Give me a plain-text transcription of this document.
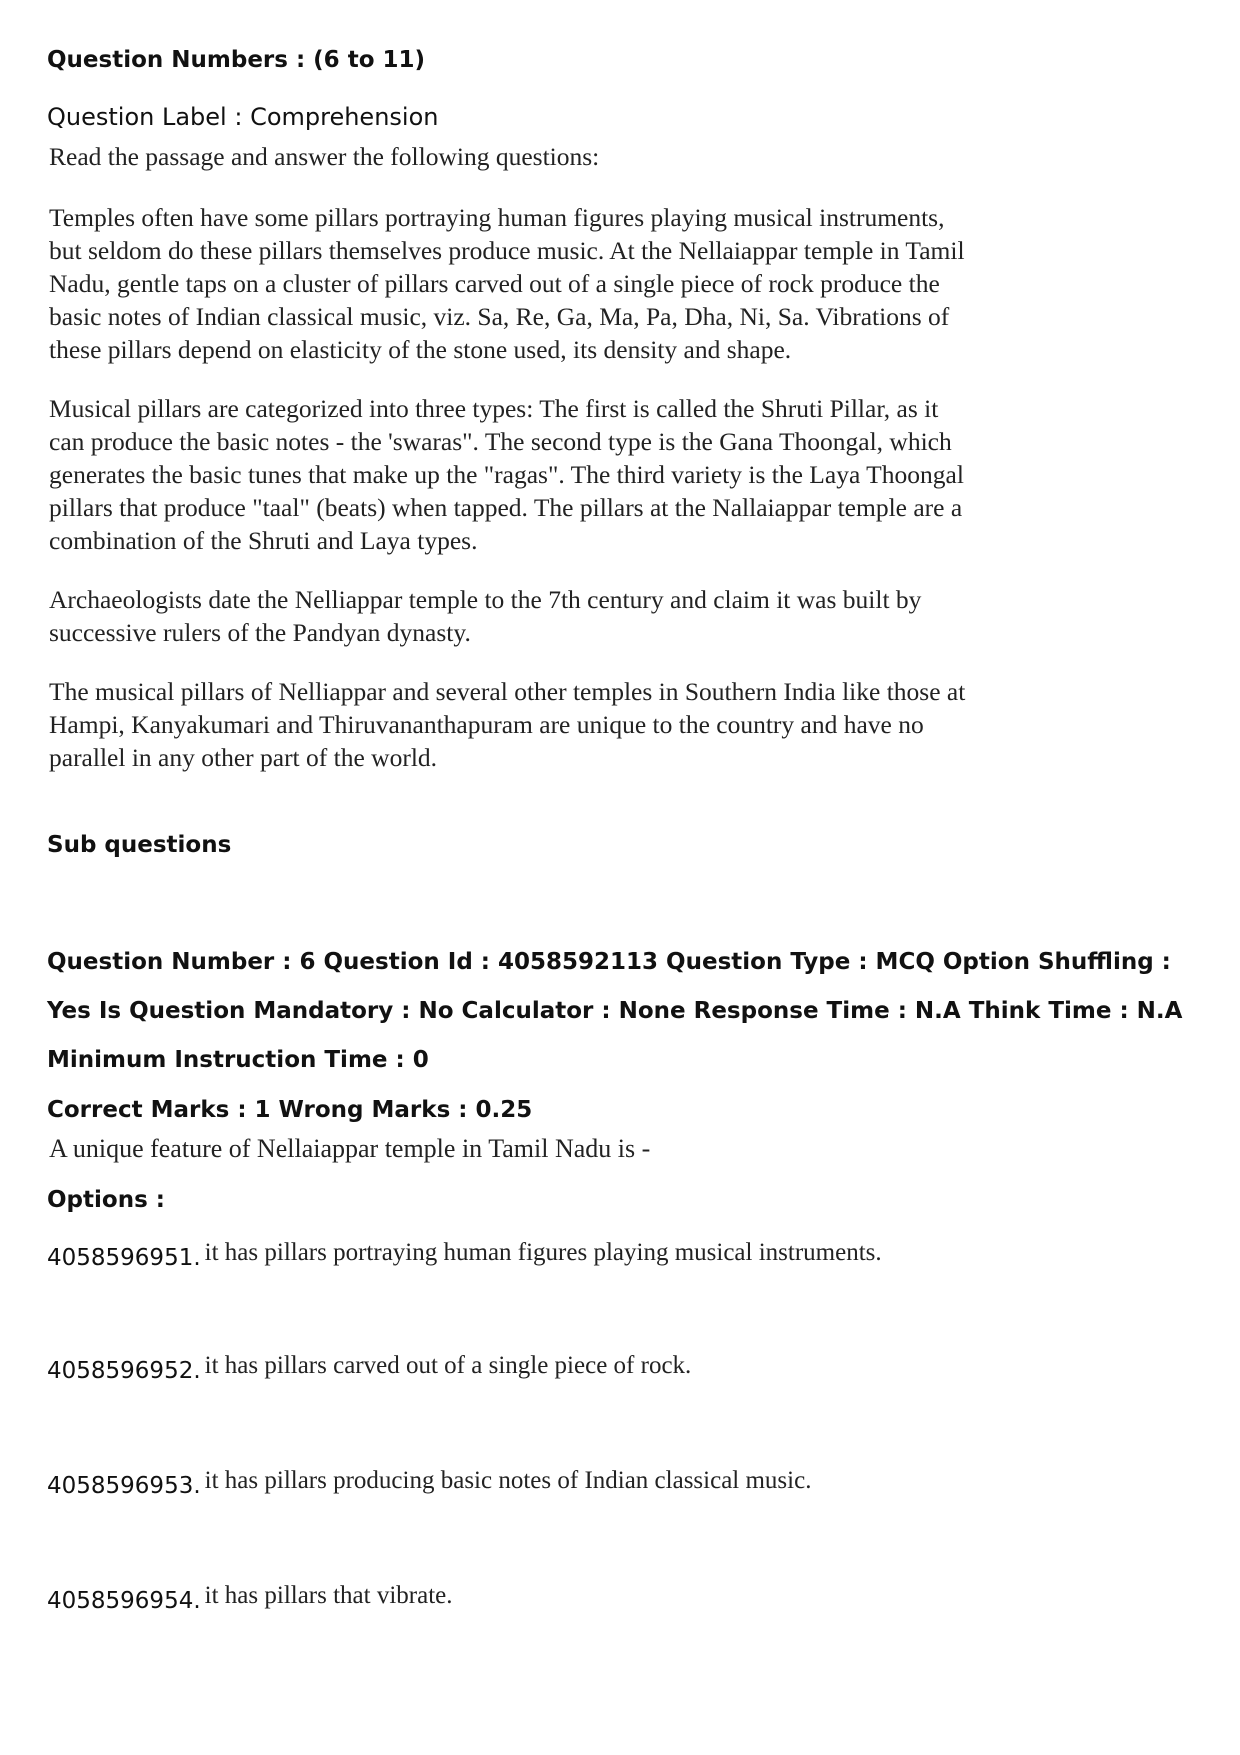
Question Numbers : (6 to 11)
Question Label : Comprehension

Read the passage and answer the following questions:

Temples often have some pillars portraying human figures playing musical instruments, but seldom do these pillars themselves produce music. At the Nellaiappar temple in Tamil Nadu, gentle taps on a cluster of pillars carved out of a single piece of rock produce the basic notes of Indian classical music, viz. Sa, Re, Ga, Ma, Pa, Dha, Ni, Sa. Vibrations of these pillars depend on elasticity of the stone used, its density and shape.

Musical pillars are categorized into three types: The first is called the Shruti Pillar, as it can produce the basic notes - the 'swaras". The second type is the Gana Thoongal, which generates the basic tunes that make up the "ragas". The third variety is the Laya Thoongal pillars that produce "taal" (beats) when tapped. The pillars at the Nallaiappar temple are a combination of the Shruti and Laya types.

Archaeologists date the Nelliappar temple to the 7th century and claim it was built by successive rulers of the Pandyan dynasty.

The musical pillars of Nelliappar and several other temples in Southern India like those at Hampi, Kanyakumari and Thiruvananthapuram are unique to the country and have no parallel in any other part of the world.

Sub questions
Question Number : 6 Question Id : 4058592113 Question Type : MCQ Option Shuffling : Yes Is Question Mandatory : No Calculator : None Response Time : N.A Think Time : N.A Minimum Instruction Time : 0
Correct Marks : 1 Wrong Marks : 0.25
A unique feature of Nellaiappar temple in Tamil Nadu is -
Options :
4058596951. it has pillars portraying human figures playing musical instruments.
4058596952. it has pillars carved out of a single piece of rock.
4058596953. it has pillars producing basic notes of Indian classical music.
4058596954. it has pillars that vibrate.
